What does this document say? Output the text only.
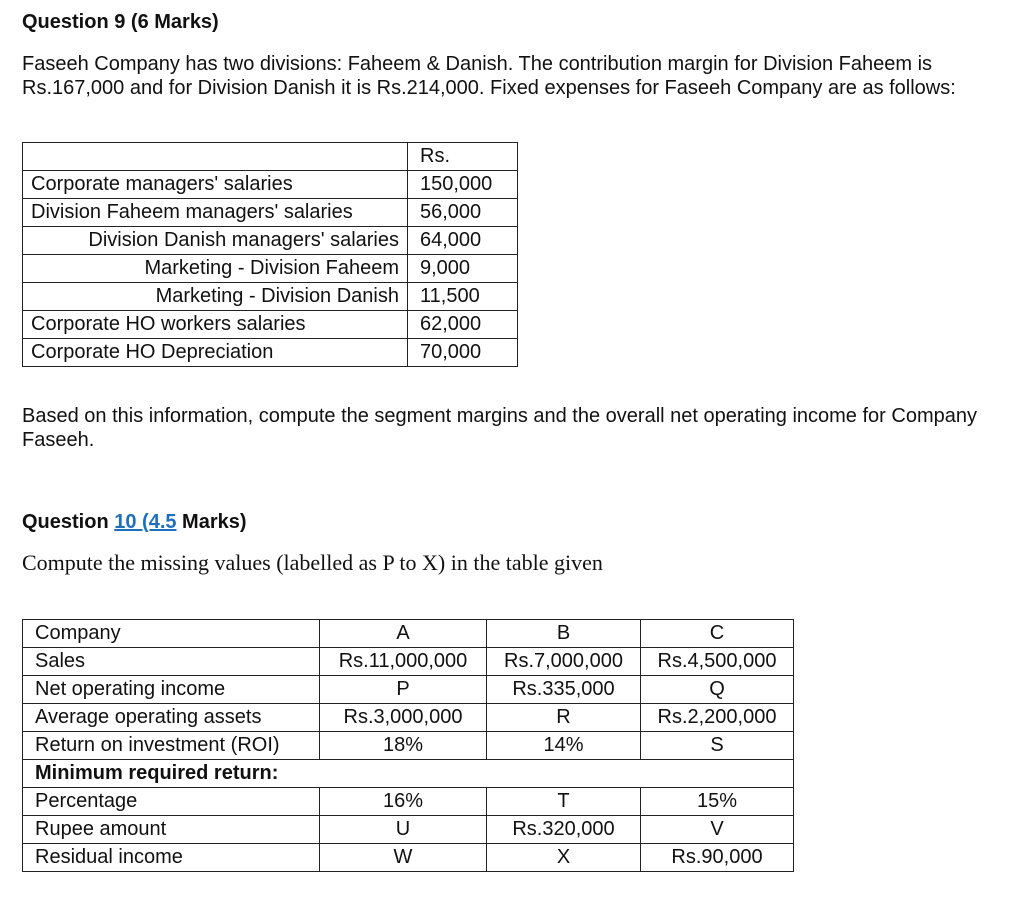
Question 9 (6 Marks)
Faseeh Company has two divisions: Faheem & Danish. The contribution margin for Division Faheem is Rs.167,000 and for Division Danish it is Rs.214,000. Fixed expenses for Faseeh Company are as follows:
	Rs.
Corporate managers' salaries	150,000
Division Faheem managers' salaries	56,000
Division Danish managers' salaries	64,000
Marketing - Division Faheem	9,000
Marketing - Division Danish	11,500
Corporate HO workers salaries	62,000
Corporate HO Depreciation	70,000
Based on this information, compute the segment margins and the overall net operating income for Company Faseeh.
Question 10 (4.5 Marks)
Compute the missing values (labelled as P to X) in the table given
Company	A	B	C
Sales	Rs.11,000,000	Rs.7,000,000	Rs.4,500,000
Net operating income	P	Rs.335,000	Q
Average operating assets	Rs.3,000,000	R	Rs.2,200,000
Return on investment (ROI)	18%	14%	S
Minimum required return:			
Percentage	16%	T	15%
Rupee amount	U	Rs.320,000	V
Residual income	W	X	Rs.90,000
